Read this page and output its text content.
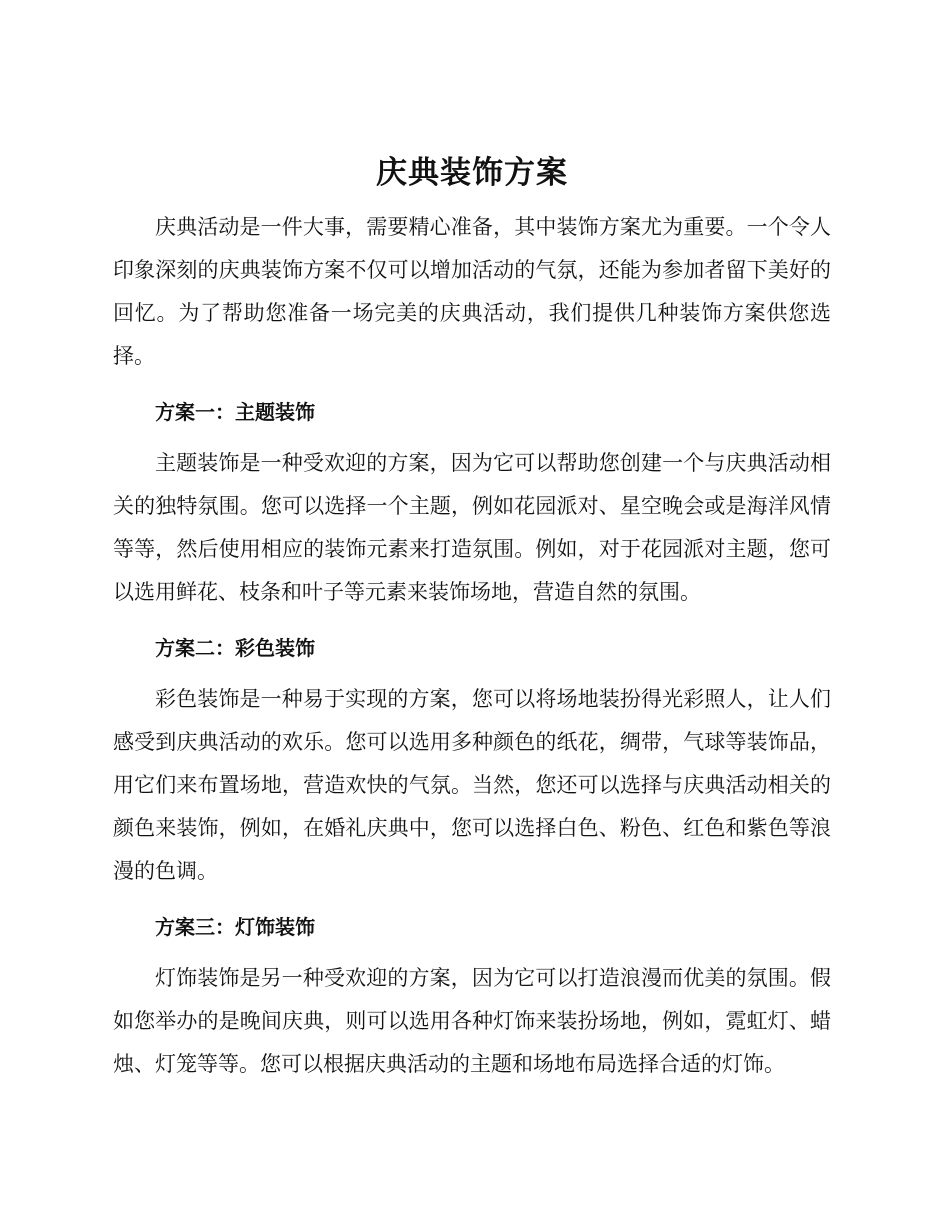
庆典装饰方案

庆典活动是一件大事，需要精心准备，其中装饰方案尤为重要。一个令人印象深刻的庆典装饰方案不仅可以增加活动的气氛，还能为参加者留下美好的回忆。为了帮助您准备一场完美的庆典活动，我们提供几种装饰方案供您选择。

方案一：主题装饰

主题装饰是一种受欢迎的方案，因为它可以帮助您创建一个与庆典活动相关的独特氛围。您可以选择一个主题，例如花园派对、星空晚会或是海洋风情等等，然后使用相应的装饰元素来打造氛围。例如，对于花园派对主题，您可以选用鲜花、枝条和叶子等元素来装饰场地，营造自然的氛围。

方案二：彩色装饰

彩色装饰是一种易于实现的方案，您可以将场地装扮得光彩照人，让人们感受到庆典活动的欢乐。您可以选用多种颜色的纸花，绸带，气球等装饰品，用它们来布置场地，营造欢快的气氛。当然，您还可以选择与庆典活动相关的颜色来装饰，例如，在婚礼庆典中，您可以选择白色、粉色、红色和紫色等浪漫的色调。

方案三：灯饰装饰

灯饰装饰是另一种受欢迎的方案，因为它可以打造浪漫而优美的氛围。假如您举办的是晚间庆典，则可以选用各种灯饰来装扮场地，例如，霓虹灯、蜡烛、灯笼等等。您可以根据庆典活动的主题和场地布局选择合适的灯饰。
